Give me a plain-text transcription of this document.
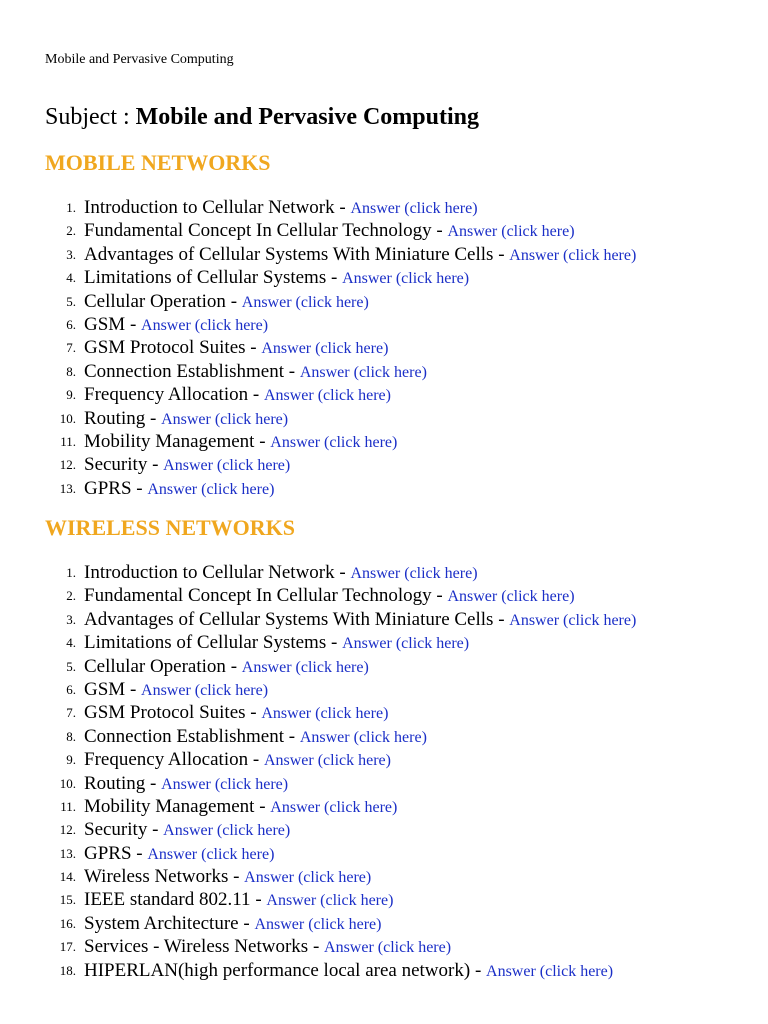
Mobile and Pervasive Computing
Subject : Mobile and Pervasive Computing
MOBILE NETWORKS
1. Introduction to Cellular Network - Answer (click here)
2. Fundamental Concept In Cellular Technology - Answer (click here)
3. Advantages of Cellular Systems With Miniature Cells - Answer (click here)
4. Limitations of Cellular Systems - Answer (click here)
5. Cellular Operation - Answer (click here)
6. GSM - Answer (click here)
7. GSM Protocol Suites - Answer (click here)
8. Connection Establishment - Answer (click here)
9. Frequency Allocation - Answer (click here)
10. Routing - Answer (click here)
11. Mobility Management - Answer (click here)
12. Security - Answer (click here)
13. GPRS - Answer (click here)
WIRELESS NETWORKS
1. Introduction to Cellular Network - Answer (click here)
2. Fundamental Concept In Cellular Technology - Answer (click here)
3. Advantages of Cellular Systems With Miniature Cells - Answer (click here)
4. Limitations of Cellular Systems - Answer (click here)
5. Cellular Operation - Answer (click here)
6. GSM - Answer (click here)
7. GSM Protocol Suites - Answer (click here)
8. Connection Establishment - Answer (click here)
9. Frequency Allocation - Answer (click here)
10. Routing - Answer (click here)
11. Mobility Management - Answer (click here)
12. Security - Answer (click here)
13. GPRS - Answer (click here)
14. Wireless Networks - Answer (click here)
15. IEEE standard 802.11 - Answer (click here)
16. System Architecture - Answer (click here)
17. Services - Wireless Networks - Answer (click here)
18. HIPERLAN(high performance local area network) - Answer (click here)
